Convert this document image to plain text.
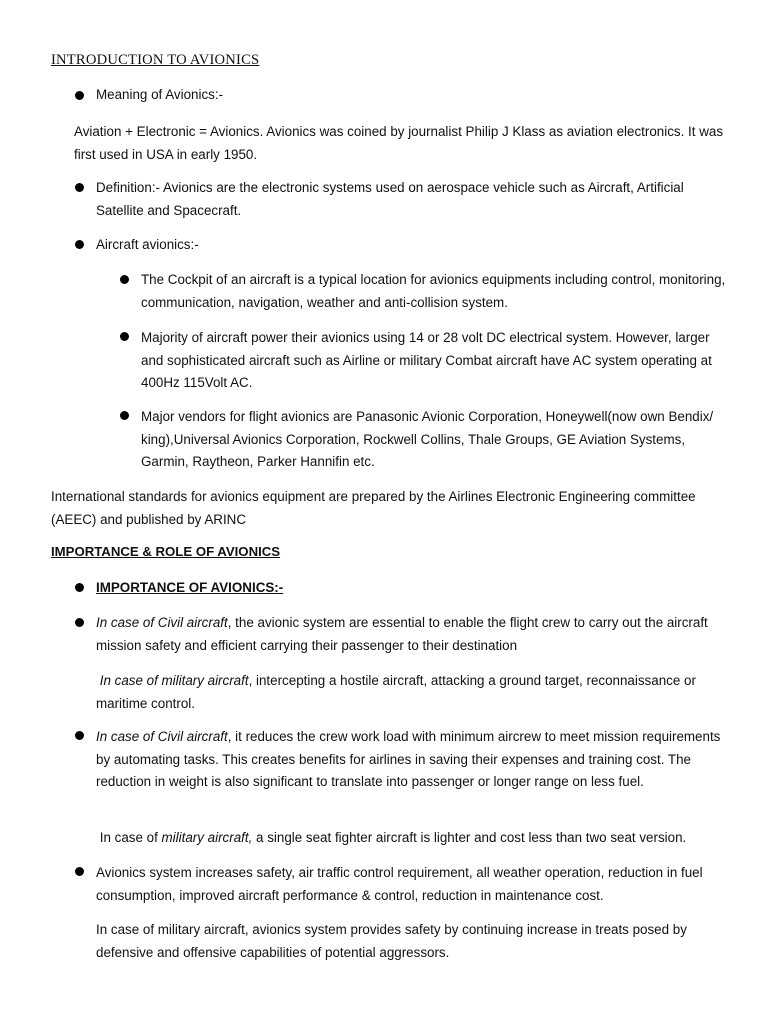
INTRODUCTION TO AVIONICS
Meaning of Avionics:-
Aviation + Electronic = Avionics. Avionics was coined by journalist Philip J Klass as aviation electronics. It was first used in USA in early 1950.
Definition:- Avionics are the electronic systems used on aerospace vehicle such as Aircraft, Artificial Satellite and Spacecraft.
Aircraft avionics:-
The Cockpit of an aircraft is a typical location for avionics equipments including control, monitoring, communication, navigation, weather and anti-collision system.
Majority of aircraft power their avionics using 14 or 28 volt DC electrical system. However, larger and sophisticated aircraft such as Airline or military Combat aircraft have AC system operating at 400Hz 115Volt AC.
Major vendors for flight avionics are Panasonic Avionic Corporation, Honeywell(now own Bendix/ king),Universal Avionics Corporation, Rockwell Collins, Thale Groups, GE Aviation Systems, Garmin, Raytheon, Parker Hannifin etc.
International standards for avionics equipment are prepared by the Airlines Electronic Engineering committee (AEEC) and published by ARINC
IMPORTANCE & ROLE OF AVIONICS
IMPORTANCE OF AVIONICS:-
In case of Civil aircraft, the avionic system are essential to enable the flight crew to carry out the aircraft mission safety and efficient carrying their passenger to their destination
In case of military aircraft, intercepting a hostile aircraft, attacking a ground target, reconnaissance or maritime control.
In case of Civil aircraft, it reduces the crew work load with minimum aircrew to meet mission requirements by automating tasks. This creates benefits for airlines in saving their expenses and training cost. The reduction in weight is also significant to translate into passenger or longer range on less fuel.
In case of military aircraft, a single seat fighter aircraft is lighter and cost less than two seat version.
Avionics system increases safety, air traffic control requirement, all weather operation, reduction in fuel consumption, improved aircraft performance & control, reduction in maintenance cost.
In case of military aircraft, avionics system provides safety by continuing increase in treats posed by defensive and offensive capabilities of potential aggressors.
